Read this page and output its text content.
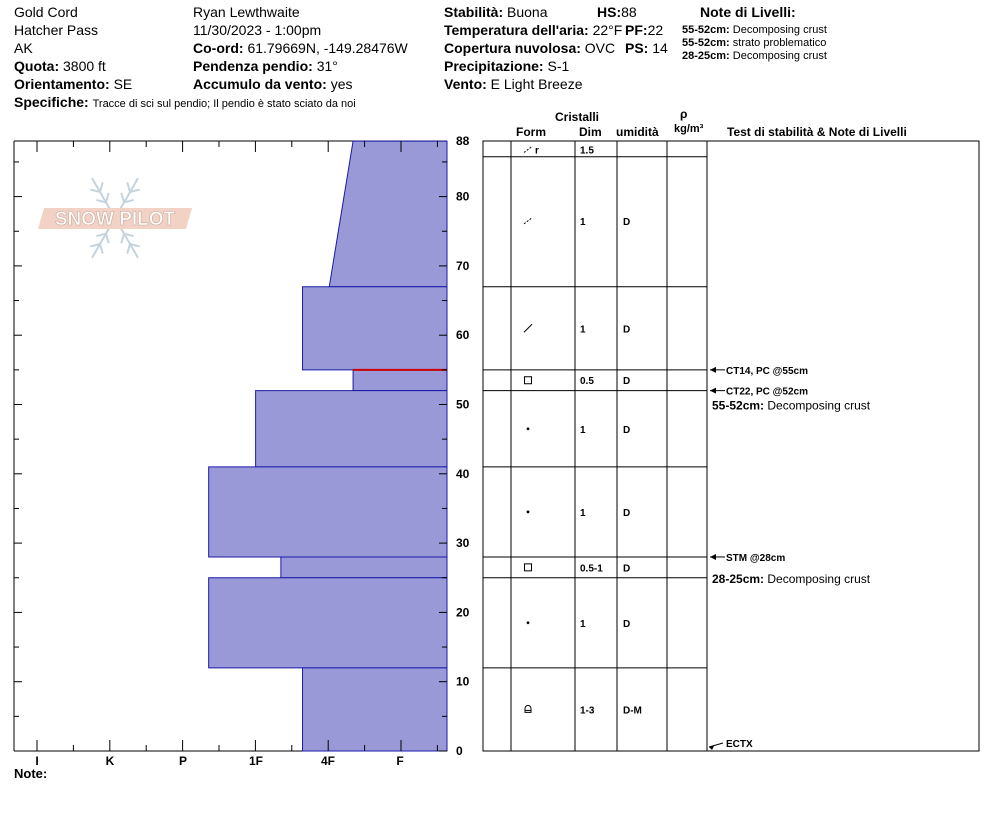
Gold Cord
Hatcher Pass
AK
Quota: 3800 ft
Orientamento: SE
Specifiche: Tracce di sci sul pendio; Il pendio è stato sciato da noi
Ryan Lewthwaite
11/30/2023 - 1:00pm
Co-ord: 61.79669N, -149.28476W
Pendenza pendio: 31°
Accumulo da vento: yes
Stabilità: Buona
Temperatura dell'aria: 22°F
Copertura nuvolosa: OVC
Precipitazione: S-1
Vento: E Light Breeze
HS:88
PF:22
PS: 14
Note di Livelli:
55-52cm: Decomposing crust
55-52cm: strato problematico
28-25cm: Decomposing crust
Cristalli
Form	Dim umidità
ρ
kg/m³ Test di stabilità & Note di Livelli
Note:
SNOW PILOT
I	K	P	1F	4F	F
0
10
20
30
40
50
60
70
80
88
r	1.5
1	D
1	D
0.5	D
1	D
1	D
0.5-1 D
1	D
1-3	D-M
CT14, PC @55cm
CT22, PC @52cm
STM @28cm
ECTX
55-52cm: Decomposing crust
28-25cm: Decomposing crust
